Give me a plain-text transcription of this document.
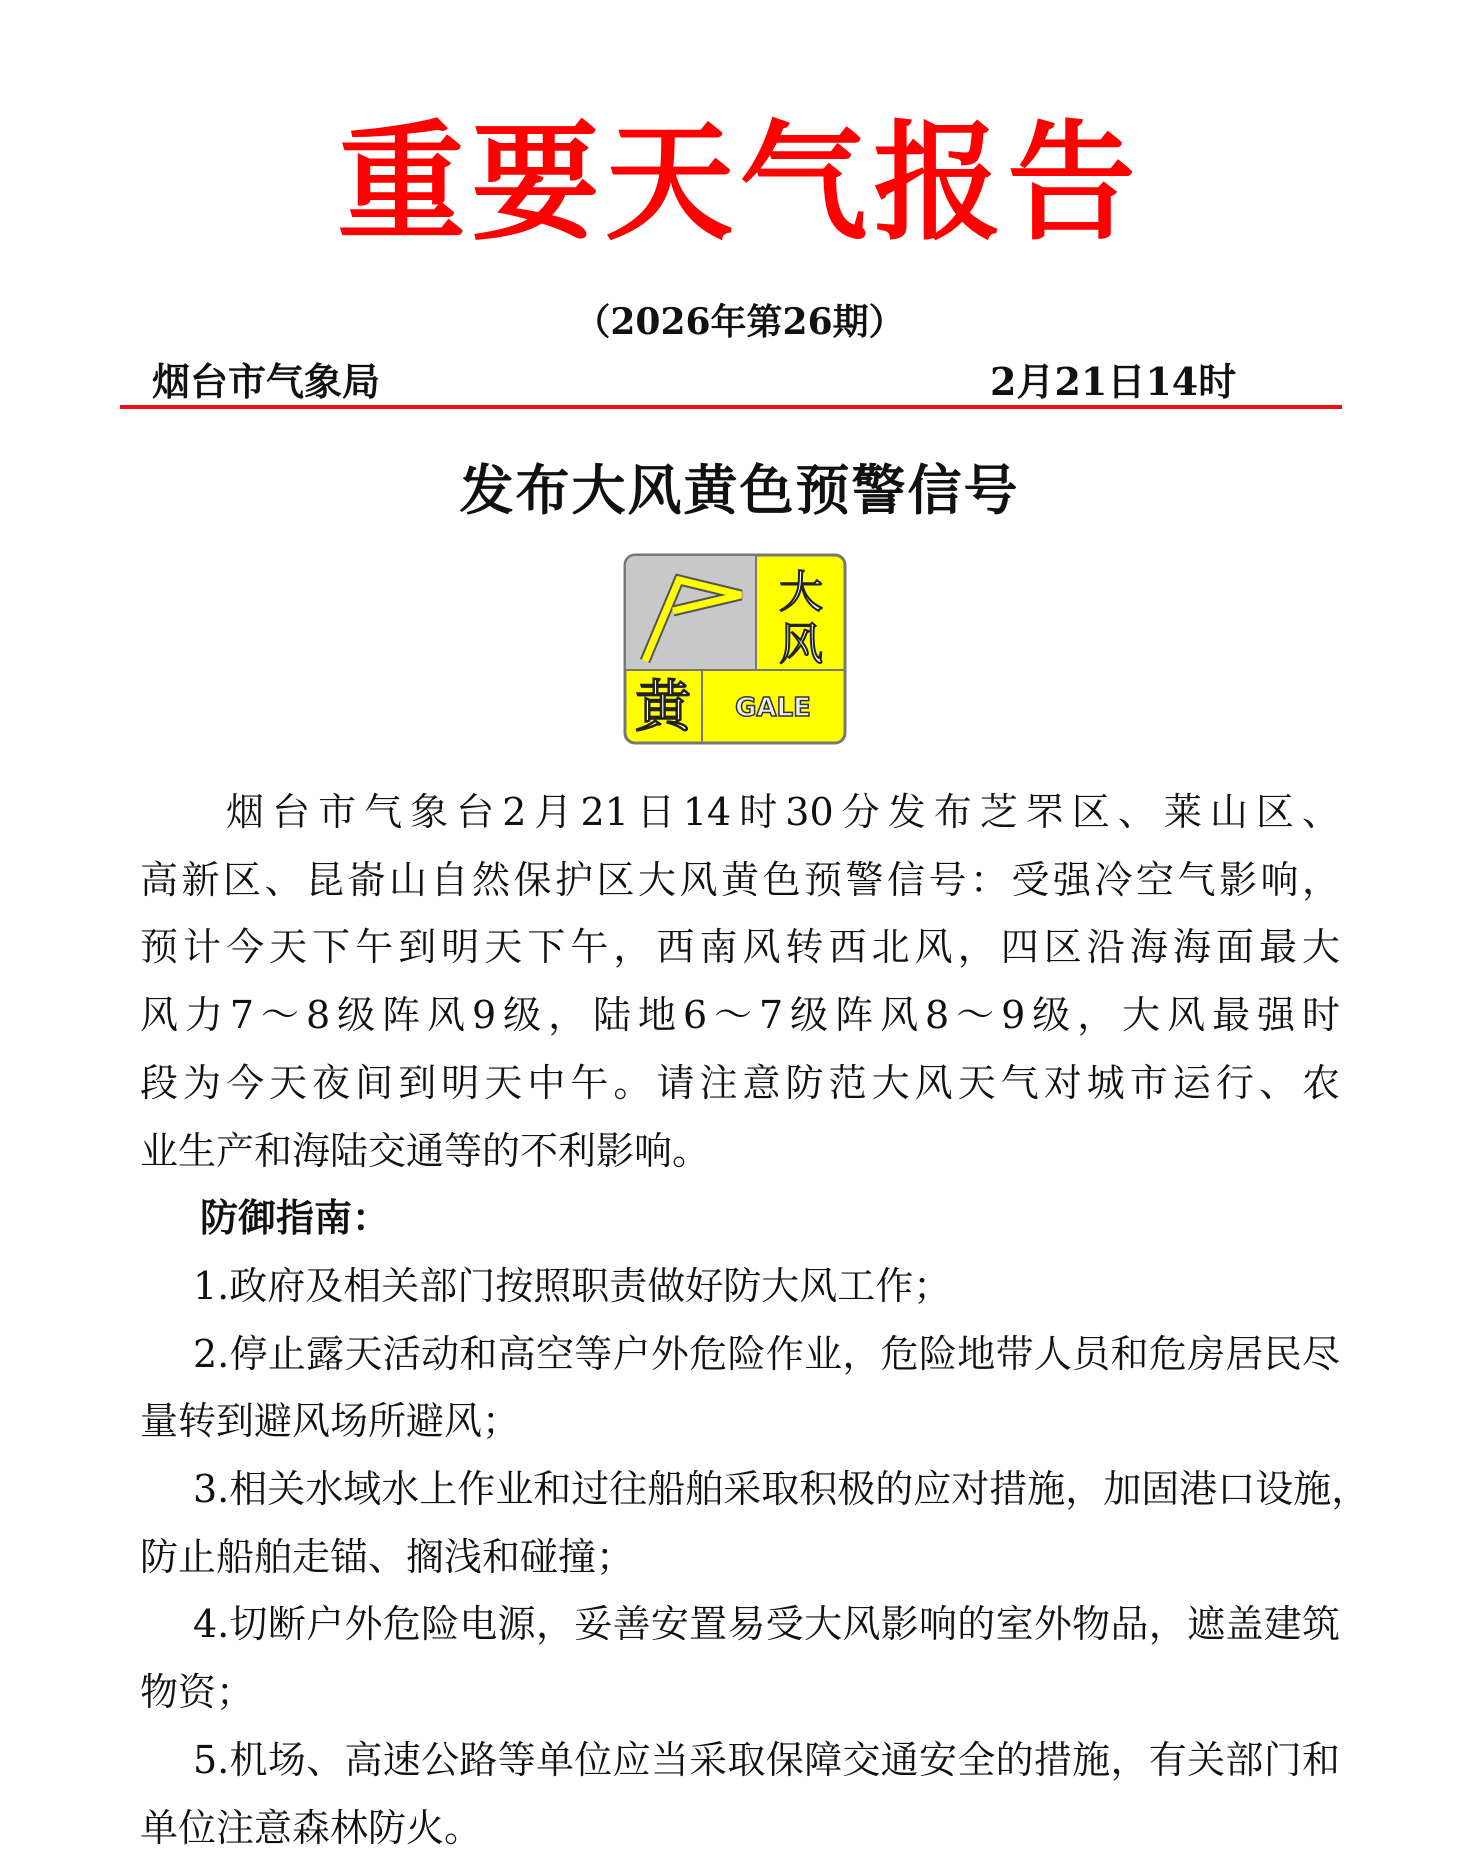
重要天气报告
（2026年第26期）
烟台市气象局	2月21日14时
发布大风黄色预警信号
大
风
黄 GALE
烟台市气象台2月21日14时30分发布芝罘区、莱山区、
高新区、昆嵛山自然保护区大风黄色预警信号：受强冷空气影响，
预计今天下午到明天下午，西南风转西北风，四区沿海海面最大
风力7～8级阵风9级，陆地6～7级阵风8～9级，大风最强时
段为今天夜间到明天中午。请注意防范大风天气对城市运行、农
业生产和海陆交通等的不利影响。
防御指南：
1.政府及相关部门按照职责做好防大风工作；
2.停止露天活动和高空等户外危险作业，危险地带人员和危房居民尽
量转到避风场所避风；
3.相关水域水上作业和过往船舶采取积极的应对措施，加固港口设施，
防止船舶走锚、搁浅和碰撞；
4.切断户外危险电源，妥善安置易受大风影响的室外物品，遮盖建筑
物资；
5.机场、高速公路等单位应当采取保障交通安全的措施，有关部门和
单位注意森林防火。
